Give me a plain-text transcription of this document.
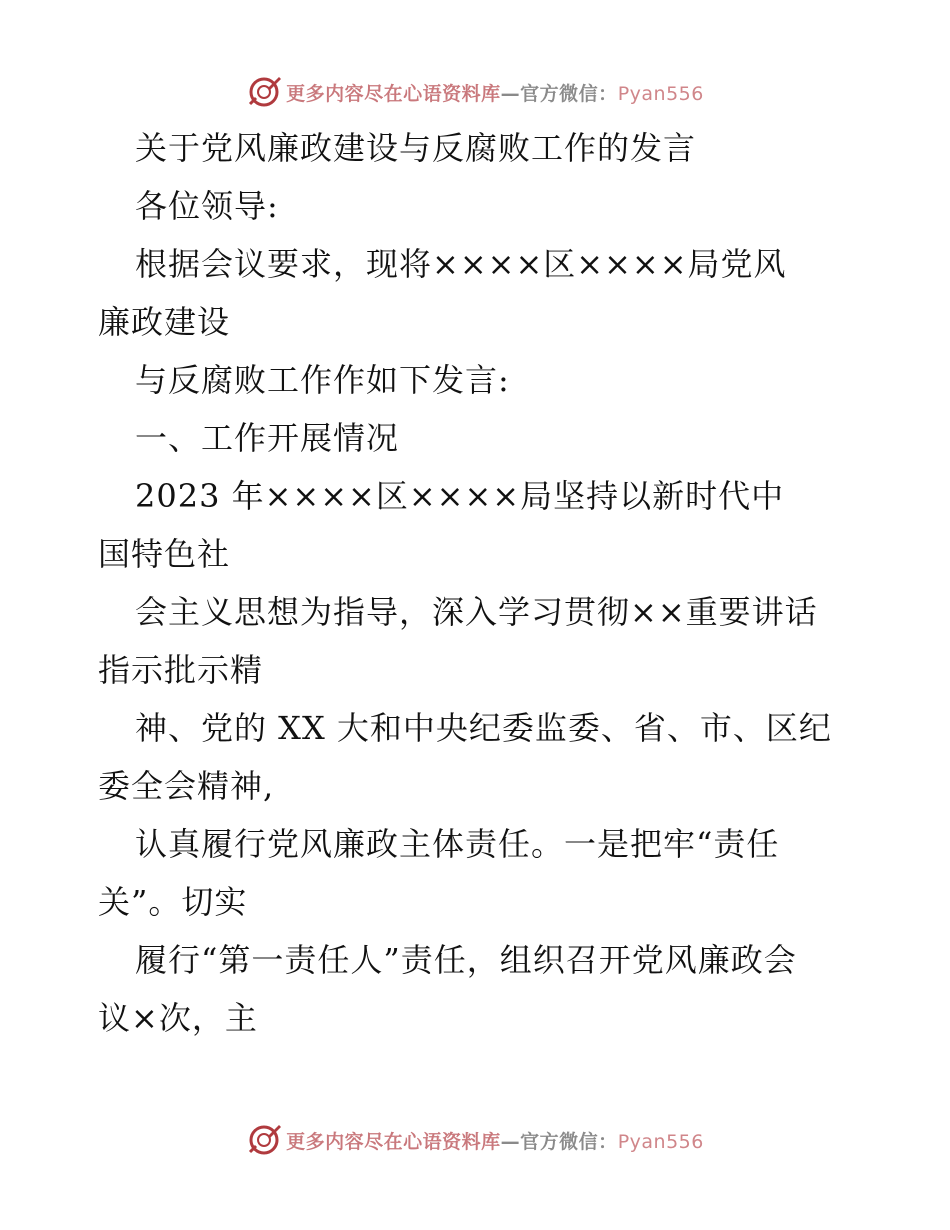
更多内容尽在心语资料库—官方微信：Pyan556
关于党风廉政建设与反腐败工作的发言
各位领导:
根据会议要求，现将××××区××××局党风
廉政建设
与反腐败工作作如下发言:
一、工作开展情况
2023 年××××区××××局坚持以新时代中
国特色社
会主义思想为指导，深入学习贯彻××重要讲话
指示批示精
神、党的 XX 大和中央纪委监委、省、市、区纪
委全会精神,
认真履行党风廉政主体责任。一是把牢“责任
关”。切实
履行“第一责任人”责任，组织召开党风廉政会
议×次，主
更多内容尽在心语资料库—官方微信：Pyan556
